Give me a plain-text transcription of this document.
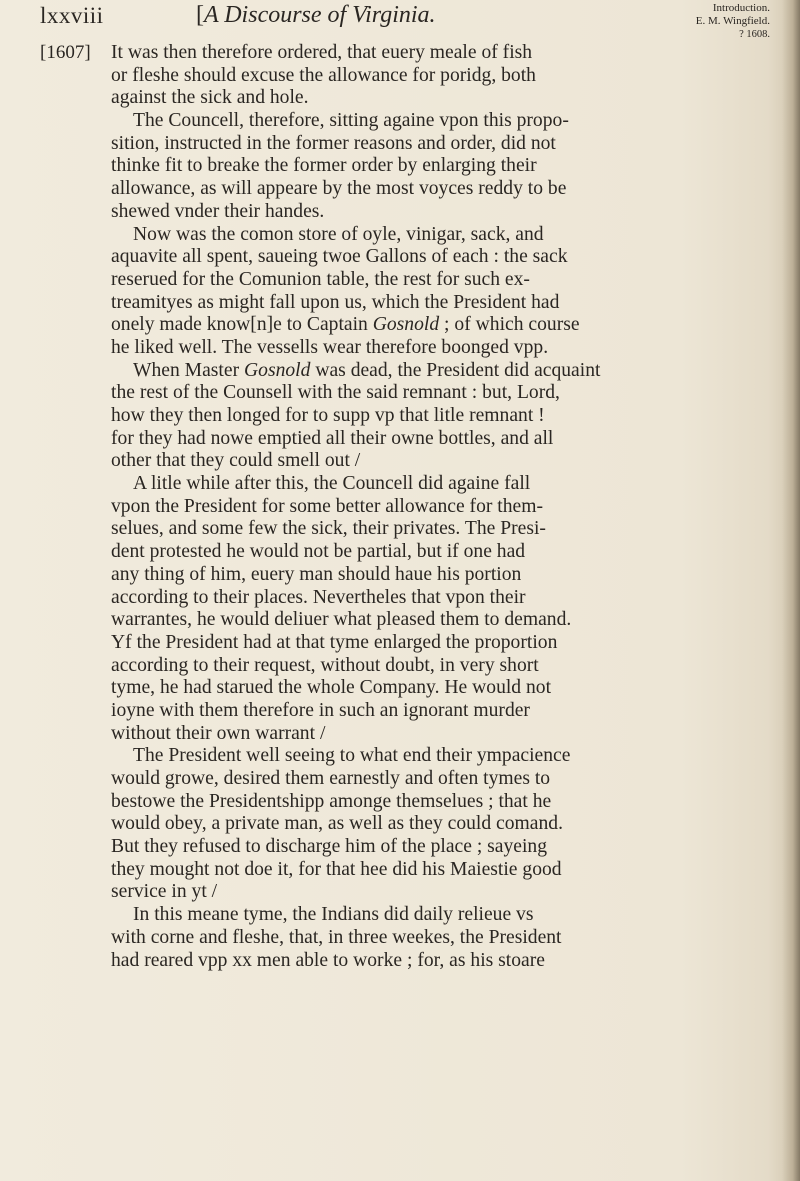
lxxviii	[A Discourse of Virginia.	Introduction.
E. M. Wingfield.
? 1608.
[1607] It was then therefore ordered, that euery meale of fish
or fleshe should excuse the allowance for poridg, both
against the sick and hole.
The Councell, therefore, sitting againe vpon this propo-
sition, instructed in the former reasons and order, did not
thinke fit to breake the former order by enlarging their
allowance, as will appeare by the most voyces reddy to be
shewed vnder their handes.
Now was the comon store of oyle, vinigar, sack, and
aquavite all spent, saueing twoe Gallons of each : the sack
reserued for the Comunion table, the rest for such ex-
treamityes as might fall upon us, which the President had
onely made know[n]e to Captain Gosnold ; of which course
he liked well. The vessells wear therefore boonged vpp.
When Master Gosnold was dead, the President did acquaint
the rest of the Counsell with the said remnant : but, Lord,
how they then longed for to supp vp that litle remnant !
for they had nowe emptied all their owne bottles, and all
other that they could smell out /
A litle while after this, the Councell did againe fall
vpon the President for some better allowance for them-
selues, and some few the sick, their privates. The Presi-
dent protested he would not be partial, but if one had
any thing of him, euery man should haue his portion
according to their places. Nevertheles that vpon their
warrantes, he would deliuer what pleased them to demand.
Yf the President had at that tyme enlarged the proportion
according to their request, without doubt, in very short
tyme, he had starued the whole Company. He would not
ioyne with them therefore in such an ignorant murder
without their own warrant /
The President well seeing to what end their ympacience
would growe, desired them earnestly and often tymes to
bestowe the Presidentshipp amonge themselues ; that he
would obey, a private man, as well as they could comand.
But they refused to discharge him of the place ; sayeing
they mought not doe it, for that hee did his Maiestie good
service in yt /
In this meane tyme, the Indians did daily relieue vs
with corne and fleshe, that, in three weekes, the President
had reared vpp xx men able to worke ; for, as his stoare
